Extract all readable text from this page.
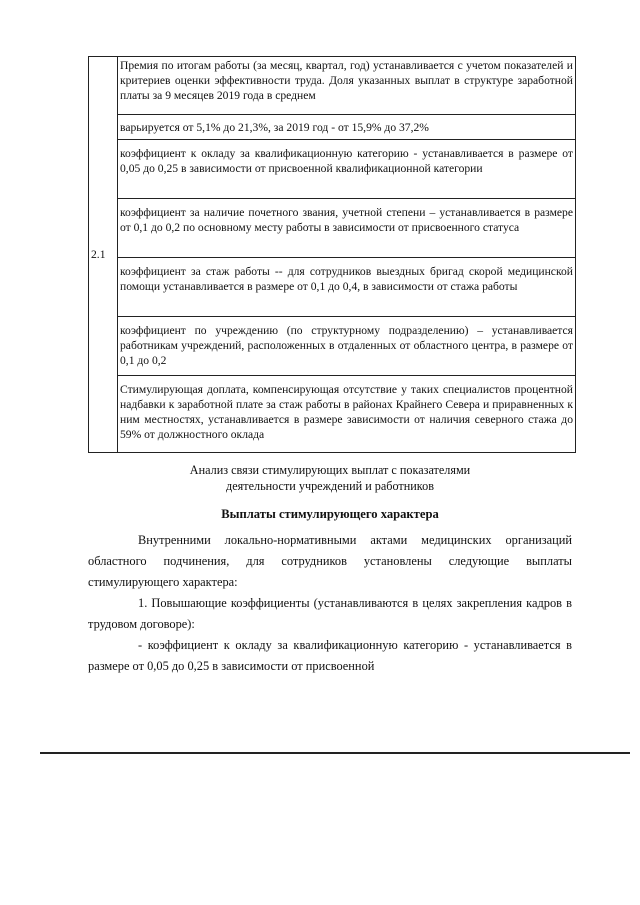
2.1	Премия по итогам работы (за месяц, квартал, год) устанавливается с учетом показателей и критериев оценки эффективности труда. Доля указанных выплат в структуре заработной платы за 9 месяцев 2019 года в среднем
варьируется от 5,1% до 21,3%, за 2019 год - от 15,9% до 37,2%
коэффициент к окладу за квалификационную категорию - устанавливается в размере от 0,05 до 0,25 в зависимости от присвоенной квалификационной категории
коэффициент за наличие почетного звания, учетной степени – устанавливается в размере от 0,1 до 0,2 по основному месту работы в зависимости от присвоенного статуса
коэффициент за стаж работы -- для сотрудников выездных бригад скорой медицинской помощи устанавливается в размере от 0,1 до 0,4, в зависимости от стажа работы
коэффициент по учреждению (по структурному подразделению) – устанавливается работникам учреждений, расположенных в отдаленных от областного центра, в размере от 0,1 до 0,2
Стимулирующая доплата, компенсирующая отсутствие у таких специалистов процентной надбавки к заработной плате за стаж работы в районах Крайнего Севера и приравненных к ним местностях, устанавливается в размере зависимости от наличия северного стажа до 59% от должностного оклада
Анализ связи стимулирующих выплат с показателями
деятельности учреждений и работников
Выплаты стимулирующего характера

Внутренними локально-нормативными актами медицинских организаций областного подчинения, для сотрудников установлены следующие выплаты стимулирующего характера:

1. Повышающие коэффициенты (устанавливаются в целях закрепления кадров в трудовом договоре):

- коэффициент к окладу за квалификационную категорию - устанавливается в размере от 0,05 до 0,25 в зависимости от присвоенной
